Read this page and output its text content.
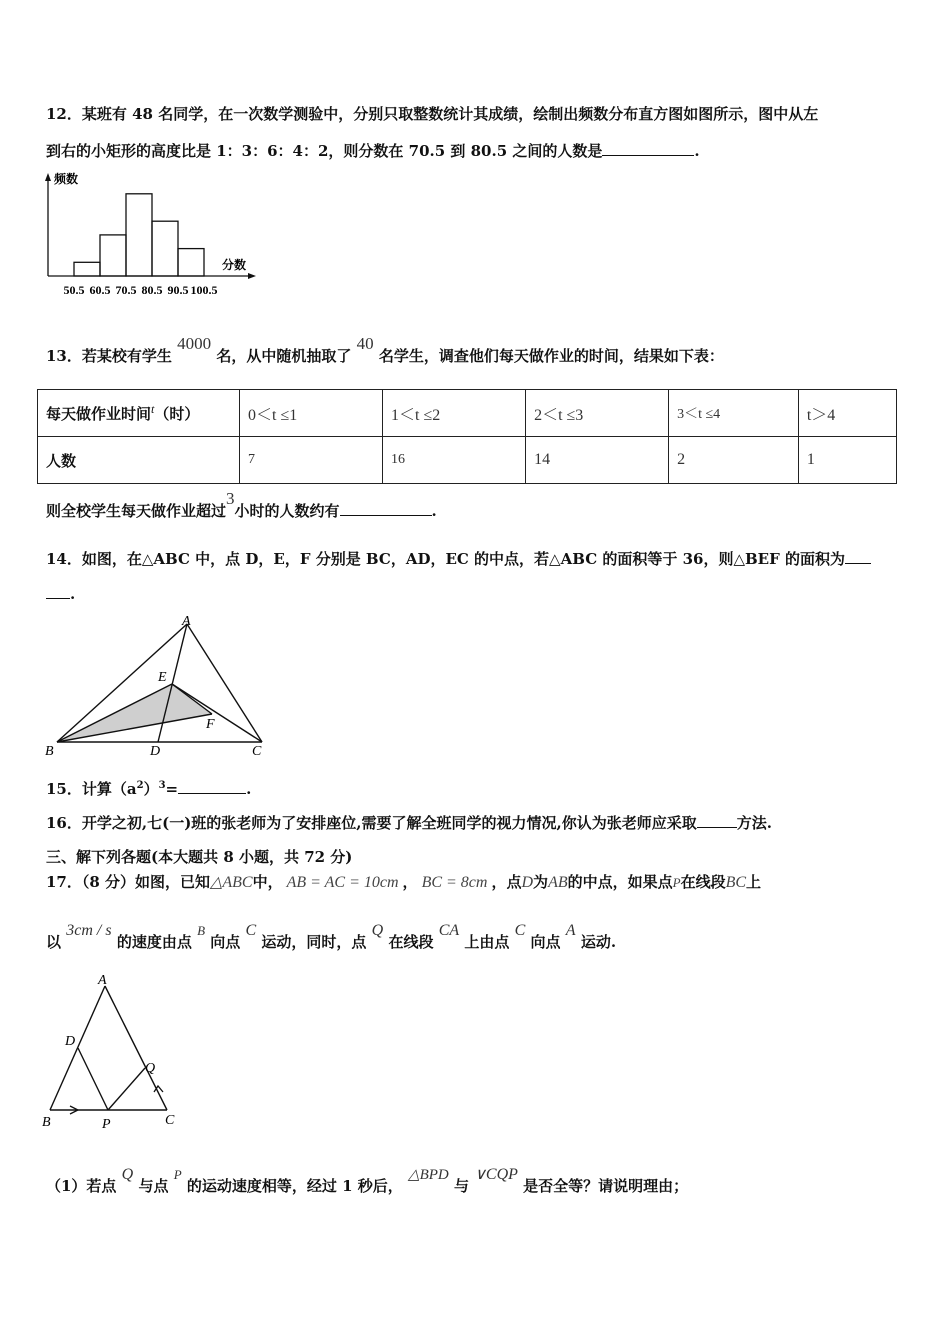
12．某班有 48 名同学，在一次数学测验中，分别只取整数统计其成绩，绘制出频数分布直方图如图所示，图中从左
到右的小矩形的高度比是 1：3：6：4：2，则分数在 70.5 到 80.5 之间的人数是	.
频数
分数
50.5 60.5 70.5 80.5 90.5 100.5
13．若某校有学生 4000 名，从中随机抽取了 40 名学生，调查他们每天做作业的时间，结果如下表：
每天做作业时间$^t$（时）	0＜t ≤1	1＜t ≤2	2＜t ≤3	3＜t ≤4	t＞4
人数	7	16	14	2	1
则全校学生每天做作业超过3小时的人数约有	.
14．如图，在△ABC 中，点 D，E，F 分别是 BC，AD，EC 的中点，若△ABC 的面积等于 36，则△BEF 的面积为
.
A
B	C
D
E
F
15．计算$(a^2)^3=$	.
16．开学之初,七(一)班的张老师为了安排座位,需要了解全班同学的视力情况,你认为张老师应采取	方法.
三、解下列各题(本大题共 8 小题，共 72 分)
17．（8 分）如图，已知△ABC中， AB = AC = 10cm ， BC = 8cm ，点D为AB的中点，如果点P在线段BC上
以 3cm / s 的速度由点 B 向点 C 运动，同时，点 Q 在线段 CA 上由点 C 向点 A 运动.
A
D
B	P
Q
C
（1）若点 Q 与点 P 的运动速度相等，经过 1 秒后， △BPD 与 ∨CQP 是否全等？请说明理由；
